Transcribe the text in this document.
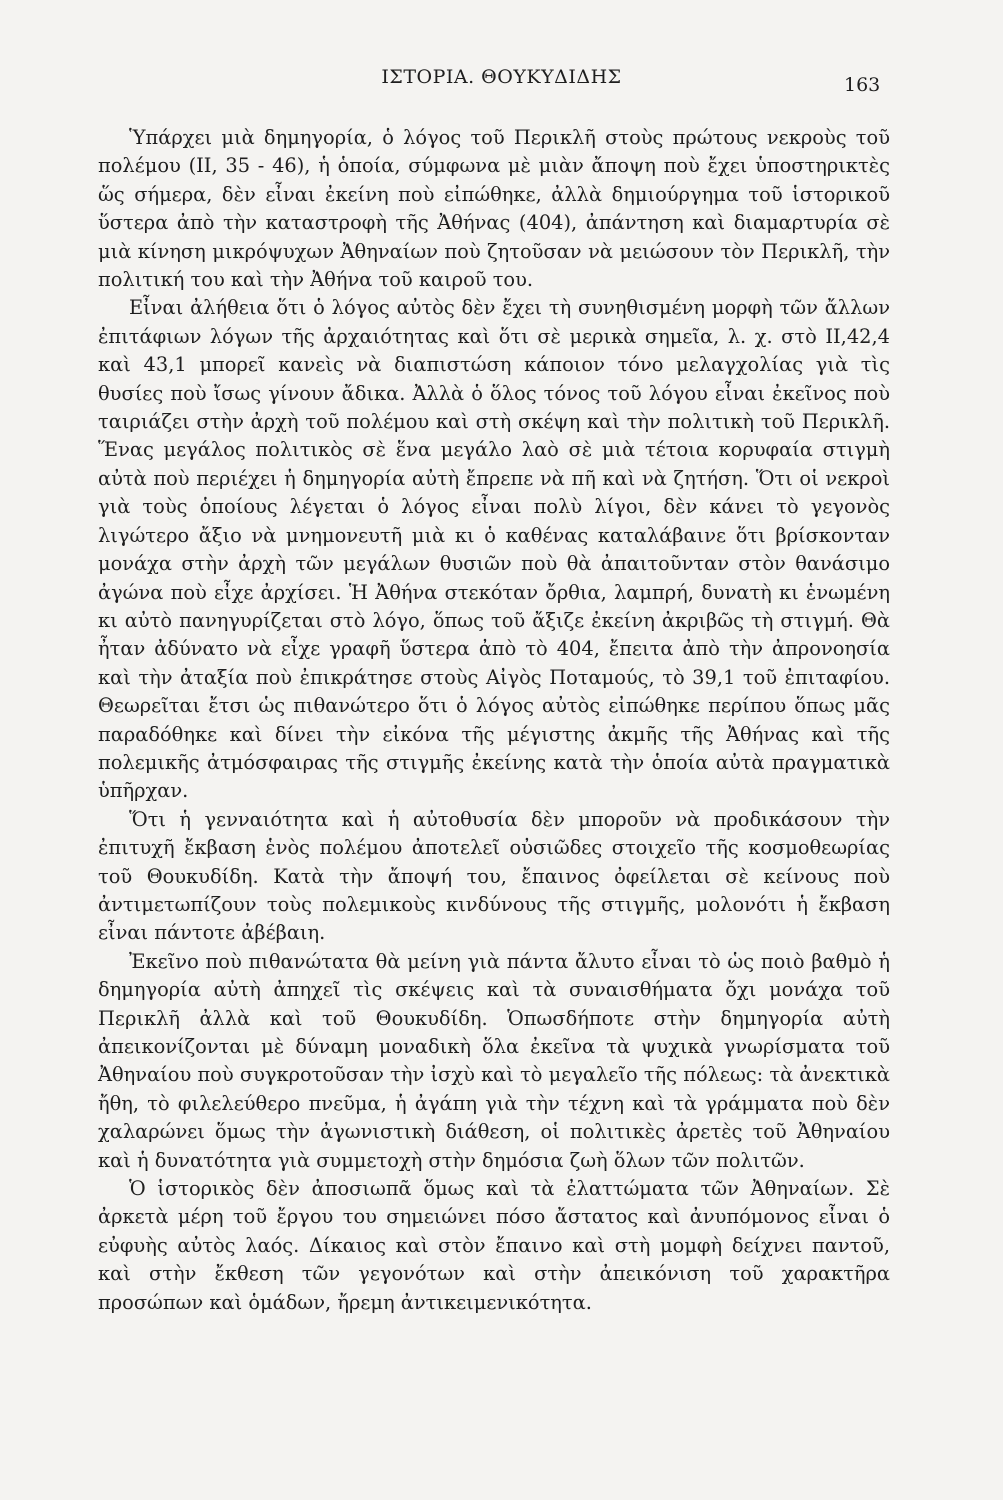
ΙΣΤΟΡΙΑ. ΘΟΥΚΥΔΙΔΗΣ	163

Ὑπάρχει μιὰ δημηγορία, ὁ λόγος τοῦ Περικλῆ στοὺς πρώτους νεκροὺς τοῦ πολέμου (ΙΙ, 35 - 46), ἡ ὁποία, σύμφωνα μὲ μιὰν ἄποψη ποὺ ἔχει ὑποστηρικτὲς ὥς σήμερα, δὲν εἶναι ἐκείνη ποὺ εἰπώθηκε, ἀλλὰ δημιούργημα τοῦ ἱστορικοῦ ὕστερα ἀπὸ τὴν καταστροφὴ τῆς Ἀθήνας (404), ἀπάντηση καὶ διαμαρτυρία σὲ μιὰ κίνηση μικρόψυχων Ἀθηναίων ποὺ ζητοῦσαν νὰ μειώσουν τὸν Περικλῆ, τὴν πολιτική του καὶ τὴν Ἀθήνα τοῦ καιροῦ του.

Εἶναι ἀλήθεια ὅτι ὁ λόγος αὐτὸς δὲν ἔχει τὴ συνηθισμένη μορφὴ τῶν ἄλλων ἐπιτάφιων λόγων τῆς ἀρχαιότητας καὶ ὅτι σὲ μερικὰ σημεῖα, λ. χ. στὸ ΙΙ,42,4 καὶ 43,1 μπορεῖ κανεὶς νὰ διαπιστώση κάποιον τόνο μελαγχολίας γιὰ τὶς θυσίες ποὺ ἴσως γίνουν ἄδικα. Ἀλλὰ ὁ ὅλος τόνος τοῦ λόγου εἶναι ἐκεῖνος ποὺ ταιριάζει στὴν ἀρχὴ τοῦ πολέμου καὶ στὴ σκέψη καὶ τὴν πολιτικὴ τοῦ Περικλῆ. Ἕνας μεγάλος πολιτικὸς σὲ ἕνα μεγάλο λαὸ σὲ μιὰ τέτοια κορυφαία στιγμὴ αὐτὰ ποὺ περιέχει ἡ δημηγορία αὐτὴ ἔπρεπε νὰ πῆ καὶ νὰ ζητήση. Ὅτι οἱ νεκροὶ γιὰ τοὺς ὁποίους λέγεται ὁ λόγος εἶναι πολὺ λίγοι, δὲν κάνει τὸ γεγονὸς λιγώτερο ἄξιο νὰ μνημονευτῆ μιὰ κι ὁ καθένας καταλάβαινε ὅτι βρίσκονταν μονάχα στὴν ἀρχὴ τῶν μεγάλων θυσιῶν ποὺ θὰ ἀπαιτοῦνταν στὸν θανάσιμο ἀγώνα ποὺ εἶχε ἀρχίσει. Ἡ Ἀθήνα στεκόταν ὄρθια, λαμπρή, δυνατὴ κι ἑνωμένη κι αὐτὸ πανηγυρίζεται στὸ λόγο, ὅπως τοῦ ἄξιζε ἐκείνη ἀκριβῶς τὴ στιγμή. Θὰ ἦταν ἀδύνατο νὰ εἶχε γραφῆ ὕστερα ἀπὸ τὸ 404, ἔπειτα ἀπὸ τὴν ἀπρονοησία καὶ τὴν ἀταξία ποὺ ἐπικράτησε στοὺς Αἰγὸς Ποταμούς, τὸ 39,1 τοῦ ἐπιταφίου. Θεωρεῖται ἔτσι ὡς πιθανώτερο ὅτι ὁ λόγος αὐτὸς εἰπώθηκε περίπου ὅπως μᾶς παραδόθηκε καὶ δίνει τὴν εἰκόνα τῆς μέγιστης ἀκμῆς τῆς Ἀθήνας καὶ τῆς πολεμικῆς ἀτμόσφαιρας τῆς στιγμῆς ἐκείνης κατὰ τὴν ὁποία αὐτὰ πραγματικὰ ὑπῆρχαν.

Ὅτι ἡ γενναιότητα καὶ ἡ αὐτοθυσία δὲν μποροῦν νὰ προδικάσουν τὴν ἐπιτυχῆ ἔκβαση ἑνὸς πολέμου ἀποτελεῖ οὐσιῶδες στοιχεῖο τῆς κοσμοθεωρίας τοῦ Θουκυδίδη. Κατὰ τὴν ἄποψή του, ἔπαινος ὀφείλεται σὲ κείνους ποὺ ἀντιμετωπίζουν τοὺς πολεμικοὺς κινδύνους τῆς στιγμῆς, μολονότι ἡ ἔκβαση εἶναι πάντοτε ἀβέβαιη.

Ἐκεῖνο ποὺ πιθανώτατα θὰ μείνη γιὰ πάντα ἄλυτο εἶναι τὸ ὡς ποιὸ βαθμὸ ἡ δημηγορία αὐτὴ ἀπηχεῖ τὶς σκέψεις καὶ τὰ συναισθήματα ὄχι μονάχα τοῦ Περικλῆ ἀλλὰ καὶ τοῦ Θουκυδίδη. Ὁπωσδήποτε στὴν δημηγορία αὐτὴ ἀπεικονίζονται μὲ δύναμη μοναδικὴ ὅλα ἐκεῖνα τὰ ψυχικὰ γνωρίσματα τοῦ Ἀθηναίου ποὺ συγκροτοῦσαν τὴν ἰσχὺ καὶ τὸ μεγαλεῖο τῆς πόλεως: τὰ ἀνεκτικὰ ἤθη, τὸ φιλελεύθερο πνεῦμα, ἡ ἀγάπη γιὰ τὴν τέχνη καὶ τὰ γράμματα ποὺ δὲν χαλαρώνει ὅμως τὴν ἀγωνιστικὴ διάθεση, οἱ πολιτικὲς ἀρετὲς τοῦ Ἀθηναίου καὶ ἡ δυνατότητα γιὰ συμμετοχὴ στὴν δημόσια ζωὴ ὅλων τῶν πολιτῶν.

Ὁ ἱστορικὸς δὲν ἀποσιωπᾶ ὅμως καὶ τὰ ἐλαττώματα τῶν Ἀθηναίων. Σὲ ἀρκετὰ μέρη τοῦ ἔργου του σημειώνει πόσο ἄστατος καὶ ἀνυπόμονος εἶναι ὁ εὐφυὴς αὐτὸς λαός. Δίκαιος καὶ στὸν ἔπαινο καὶ στὴ μομφὴ δείχνει παντοῦ, καὶ στὴν ἔκθεση τῶν γεγονότων καὶ στὴν ἀπεικόνιση τοῦ χαρακτῆρα προσώπων καὶ ὁμάδων, ἤρεμη ἀντικειμενικότητα.
